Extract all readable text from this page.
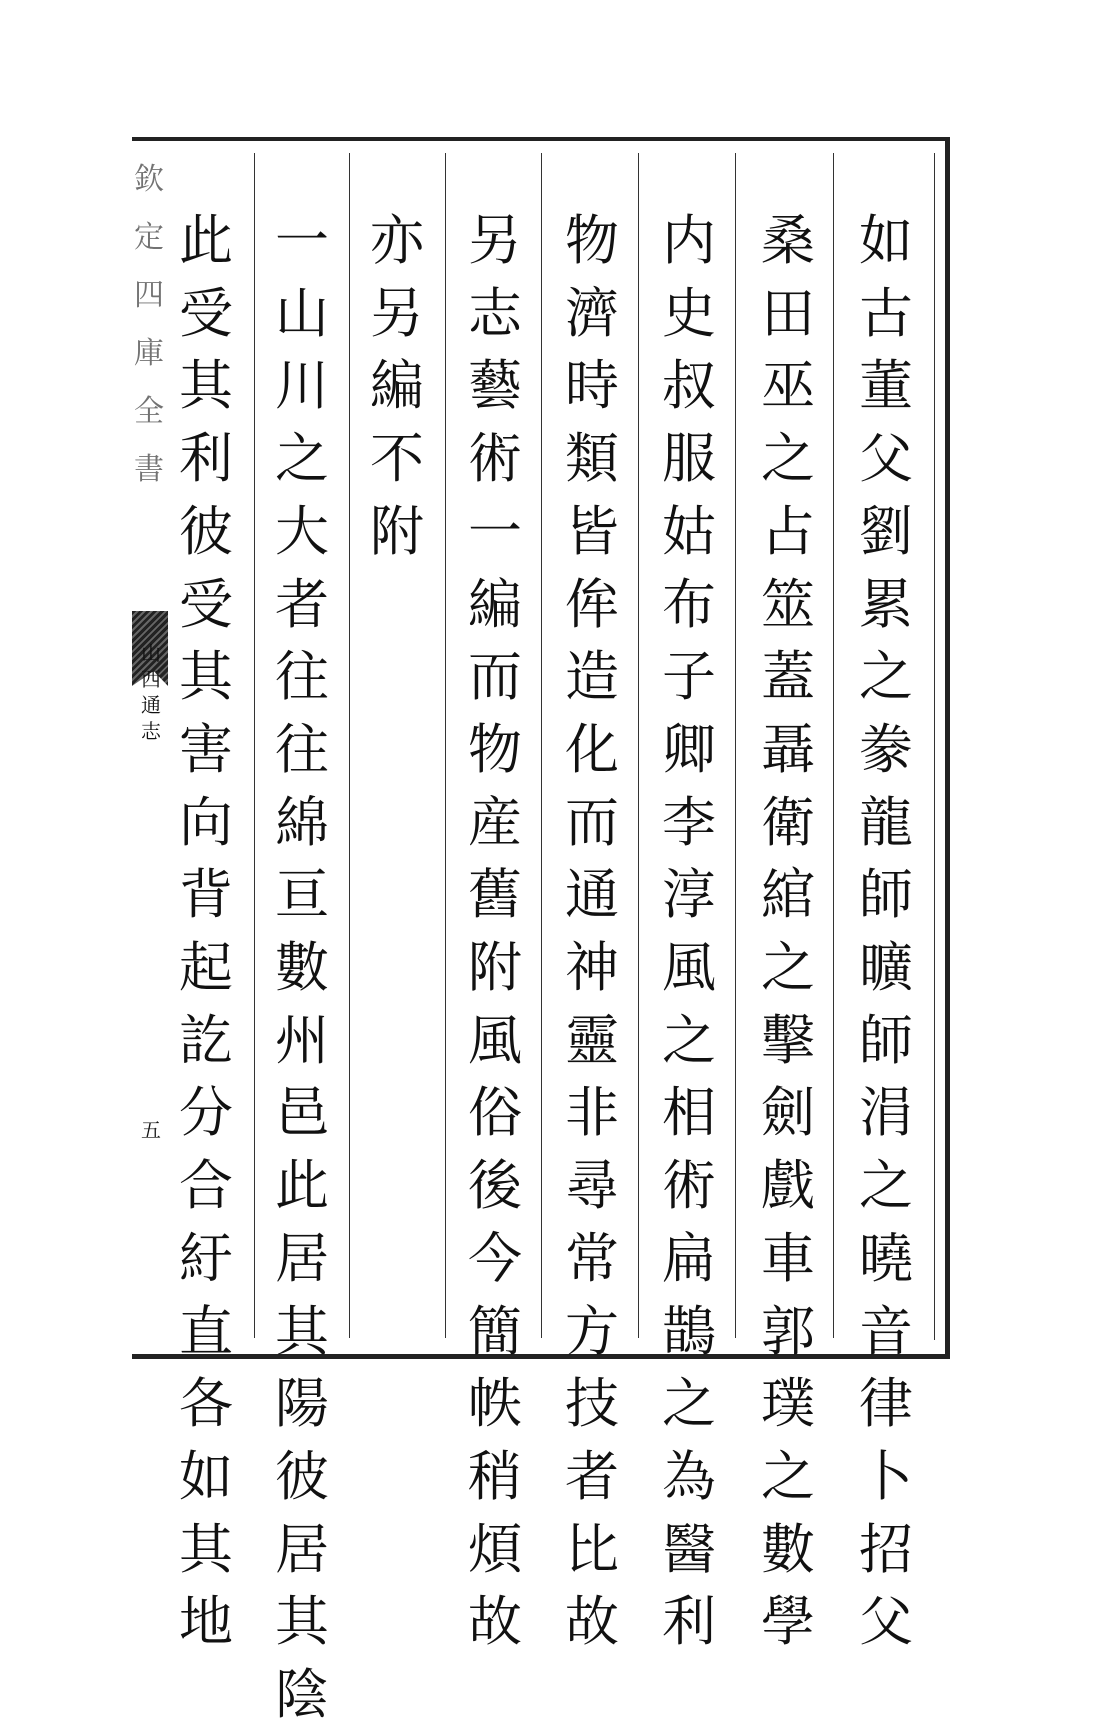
欽定四庫全書
山西通志
五
如古董父劉累之豢龍師曠師涓之曉音律卜招父
桑田巫之占筮蓋聶衛綰之擊劍戲車郭璞之數學
内史叔服姑布子卿李淳風之相術扁鵲之為醫利
物濟時類皆侔造化而通神靈非尋常方技者比故
另志藝術一編而物産舊附風俗後今簡帙稍煩故
亦另編不附
一山川之大者往往綿亘數州邑此居其陽彼居其陰
此受其利彼受其害向背起訖分合紆直各如其地
